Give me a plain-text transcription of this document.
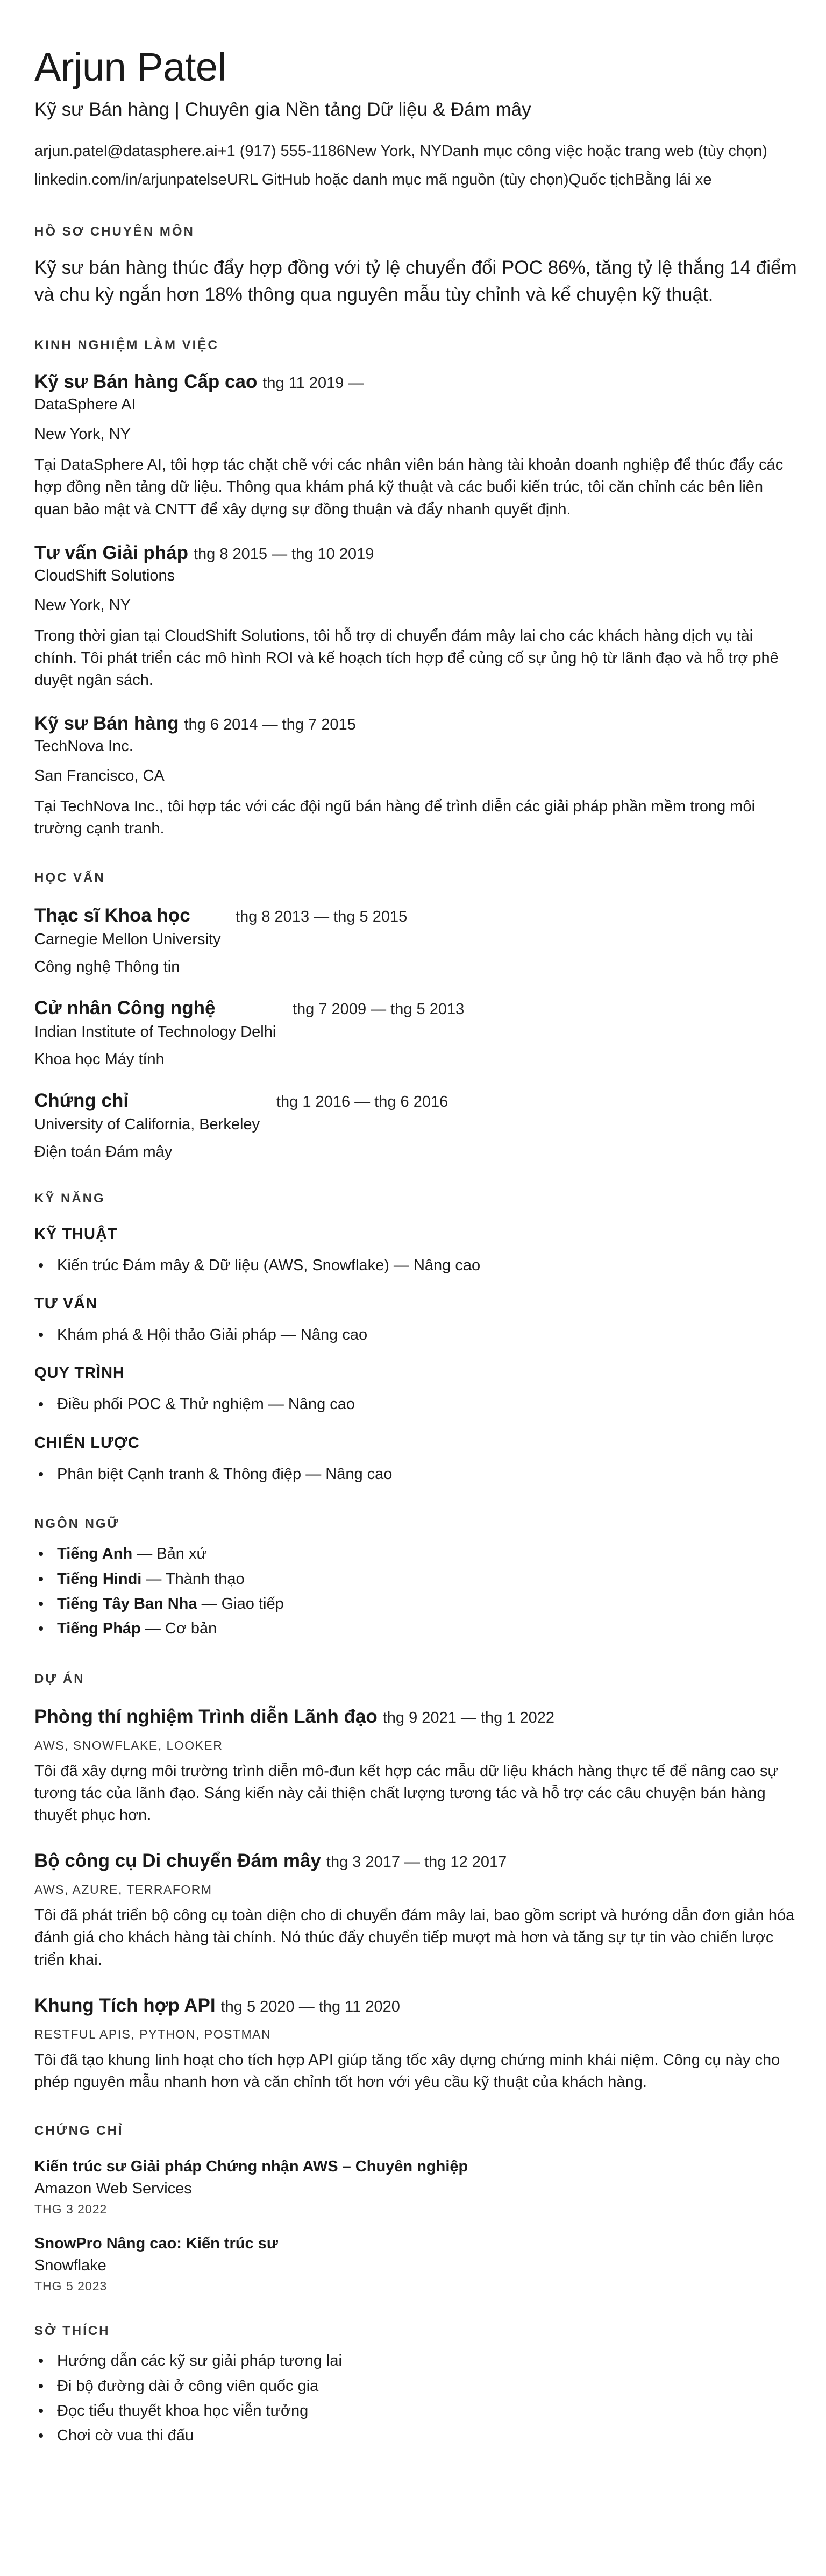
Arjun Patel
Kỹ sư Bán hàng | Chuyên gia Nền tảng Dữ liệu & Đám mây
arjun.patel@datasphere.ai+1 (917) 555-1186New York, NYDanh mục công việc hoặc trang web (tùy chọn)
linkedin.com/in/arjunpatelseURL GitHub hoặc danh mục mã nguồn (tùy chọn)Quốc tịchBằng lái xe
HỒ SƠ CHUYÊN MÔN

Kỹ sư bán hàng thúc đẩy hợp đồng với tỷ lệ chuyển đổi POC 86%, tăng tỷ lệ thắng 14 điểm và chu kỳ ngắn hơn 18% thông qua nguyên mẫu tùy chỉnh và kể chuyện kỹ thuật.

KINH NGHIỆM LÀM VIỆC
Kỹ sư Bán hàng Cấp cao thg 11 2019 —
DataSphere AI
New York, NY

Tại DataSphere AI, tôi hợp tác chặt chẽ với các nhân viên bán hàng tài khoản doanh nghiệp để thúc đẩy các hợp đồng nền tảng dữ liệu. Thông qua khám phá kỹ thuật và các buổi kiến trúc, tôi căn chỉnh các bên liên quan bảo mật và CNTT để xây dựng sự đồng thuận và đẩy nhanh quyết định.

Tư vấn Giải pháp thg 8 2015 — thg 10 2019
CloudShift Solutions
New York, NY

Trong thời gian tại CloudShift Solutions, tôi hỗ trợ di chuyển đám mây lai cho các khách hàng dịch vụ tài chính. Tôi phát triển các mô hình ROI và kế hoạch tích hợp để củng cố sự ủng hộ từ lãnh đạo và hỗ trợ phê duyệt ngân sách.

Kỹ sư Bán hàng thg 6 2014 — thg 7 2015
TechNova Inc.
San Francisco, CA

Tại TechNova Inc., tôi hợp tác với các đội ngũ bán hàng để trình diễn các giải pháp phần mềm trong môi trường cạnh tranh.

HỌC VẤN
Thạc sĩ Khoa học	thg 8 2013 — thg 5 2015
Carnegie Mellon University
Công nghệ Thông tin
Cử nhân Công nghệ	thg 7 2009 — thg 5 2013
Indian Institute of Technology Delhi
Khoa học Máy tính
Chứng chỉ	thg 1 2016 — thg 6 2016
University of California, Berkeley
Điện toán Đám mây
KỸ NĂNG
KỸ THUẬT
Kiến trúc Đám mây & Dữ liệu (AWS, Snowflake) — Nâng cao
TƯ VẤN
Khám phá & Hội thảo Giải pháp — Nâng cao
QUY TRÌNH
Điều phối POC & Thử nghiệm — Nâng cao
CHIẾN LƯỢC
Phân biệt Cạnh tranh & Thông điệp — Nâng cao
NGÔN NGỮ
Tiếng Anh — Bản xứ
Tiếng Hindi — Thành thạo
Tiếng Tây Ban Nha — Giao tiếp
Tiếng Pháp — Cơ bản
DỰ ÁN
Phòng thí nghiệm Trình diễn Lãnh đạo thg 9 2021 — thg 1 2022
AWS, SNOWFLAKE, LOOKER

Tôi đã xây dựng môi trường trình diễn mô-đun kết hợp các mẫu dữ liệu khách hàng thực tế để nâng cao sự tương tác của lãnh đạo. Sáng kiến này cải thiện chất lượng tương tác và hỗ trợ các câu chuyện bán hàng thuyết phục hơn.

Bộ công cụ Di chuyển Đám mây thg 3 2017 — thg 12 2017
AWS, AZURE, TERRAFORM

Tôi đã phát triển bộ công cụ toàn diện cho di chuyển đám mây lai, bao gồm script và hướng dẫn đơn giản hóa đánh giá cho khách hàng tài chính. Nó thúc đẩy chuyển tiếp mượt mà hơn và tăng sự tự tin vào chiến lược triển khai.

Khung Tích hợp API thg 5 2020 — thg 11 2020
RESTFUL APIS, PYTHON, POSTMAN

Tôi đã tạo khung linh hoạt cho tích hợp API giúp tăng tốc xây dựng chứng minh khái niệm. Công cụ này cho phép nguyên mẫu nhanh hơn và căn chỉnh tốt hơn với yêu cầu kỹ thuật của khách hàng.

CHỨNG CHỈ
Kiến trúc sư Giải pháp Chứng nhận AWS – Chuyên nghiệp
Amazon Web Services
THG 3 2022
SnowPro Nâng cao: Kiến trúc sư
Snowflake
THG 5 2023
SỞ THÍCH
Hướng dẫn các kỹ sư giải pháp tương lai
Đi bộ đường dài ở công viên quốc gia
Đọc tiểu thuyết khoa học viễn tưởng
Chơi cờ vua thi đấu
